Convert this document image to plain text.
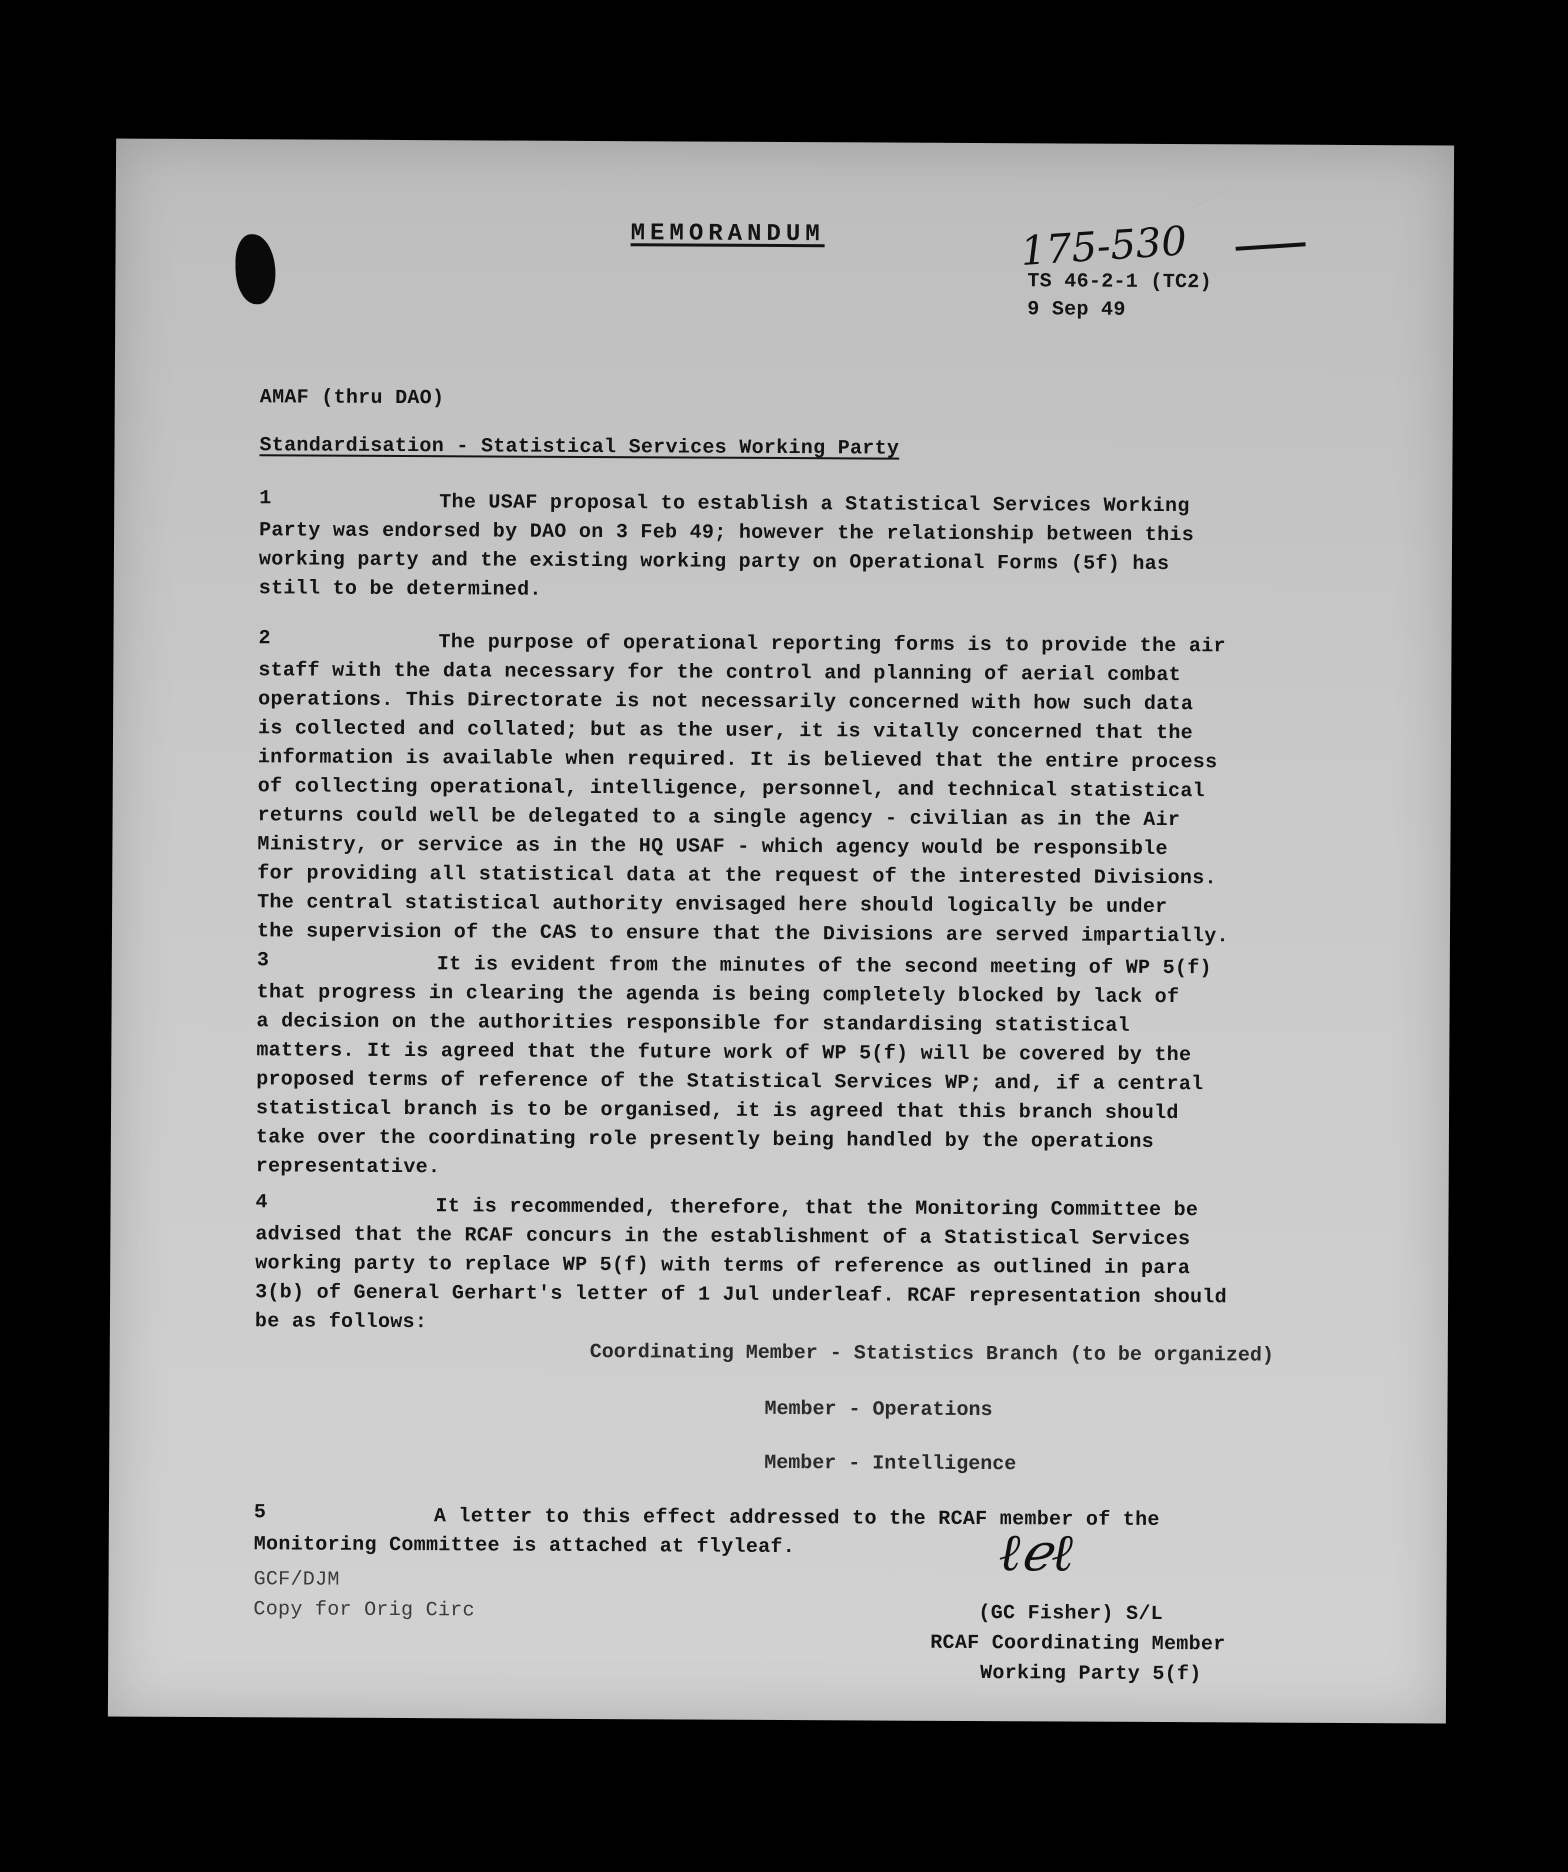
MEMORANDUM	175-530
TS 46-2-1 (TC2)
9 Sep 49
AMAF (thru DAO)
Standardisation - Statistical Services Working Party
1	The USAF proposal to establish a Statistical Services Working
Party was endorsed by DAO on 3 Feb 49; however the relationship between this
working party and the existing working party on Operational Forms (5f) has
still to be determined.
2	The purpose of operational reporting forms is to provide the air
staff with the data necessary for the control and planning of aerial combat
operations. This Directorate is not necessarily concerned with how such data
is collected and collated; but as the user, it is vitally concerned that the
information is available when required. It is believed that the entire process
of collecting operational, intelligence, personnel, and technical statistical
returns could well be delegated to a single agency - civilian as in the Air
Ministry, or service as in the HQ USAF - which agency would be responsible
for providing all statistical data at the request of the interested Divisions.
The central statistical authority envisaged here should logically be under
the supervision of the CAS to ensure that the Divisions are served impartially.
3	It is evident from the minutes of the second meeting of WP 5(f)
that progress in clearing the agenda is being completely blocked by lack of
a decision on the authorities responsible for standardising statistical
matters. It is agreed that the future work of WP 5(f) will be covered by the
proposed terms of reference of the Statistical Services WP; and, if a central
statistical branch is to be organised, it is agreed that this branch should
take over the coordinating role presently being handled by the operations
representative.
4	It is recommended, therefore, that the Monitoring Committee be
advised that the RCAF concurs in the establishment of a Statistical Services
working party to replace WP 5(f) with terms of reference as outlined in para
3(b) of General Gerhart's letter of 1 Jul underleaf. RCAF representation should
be as follows:
Coordinating Member - Statistics Branch (to be organized)
Member - Operations
Member - Intelligence
5	A letter to this effect addressed to the RCAF member of the
Monitoring Committee is attached at flyleaf.
GCF/DJM
Copy for Orig Circ
ℓℯℓ
(GC Fisher) S/L
RCAF Coordinating Member
Working Party 5(f)
